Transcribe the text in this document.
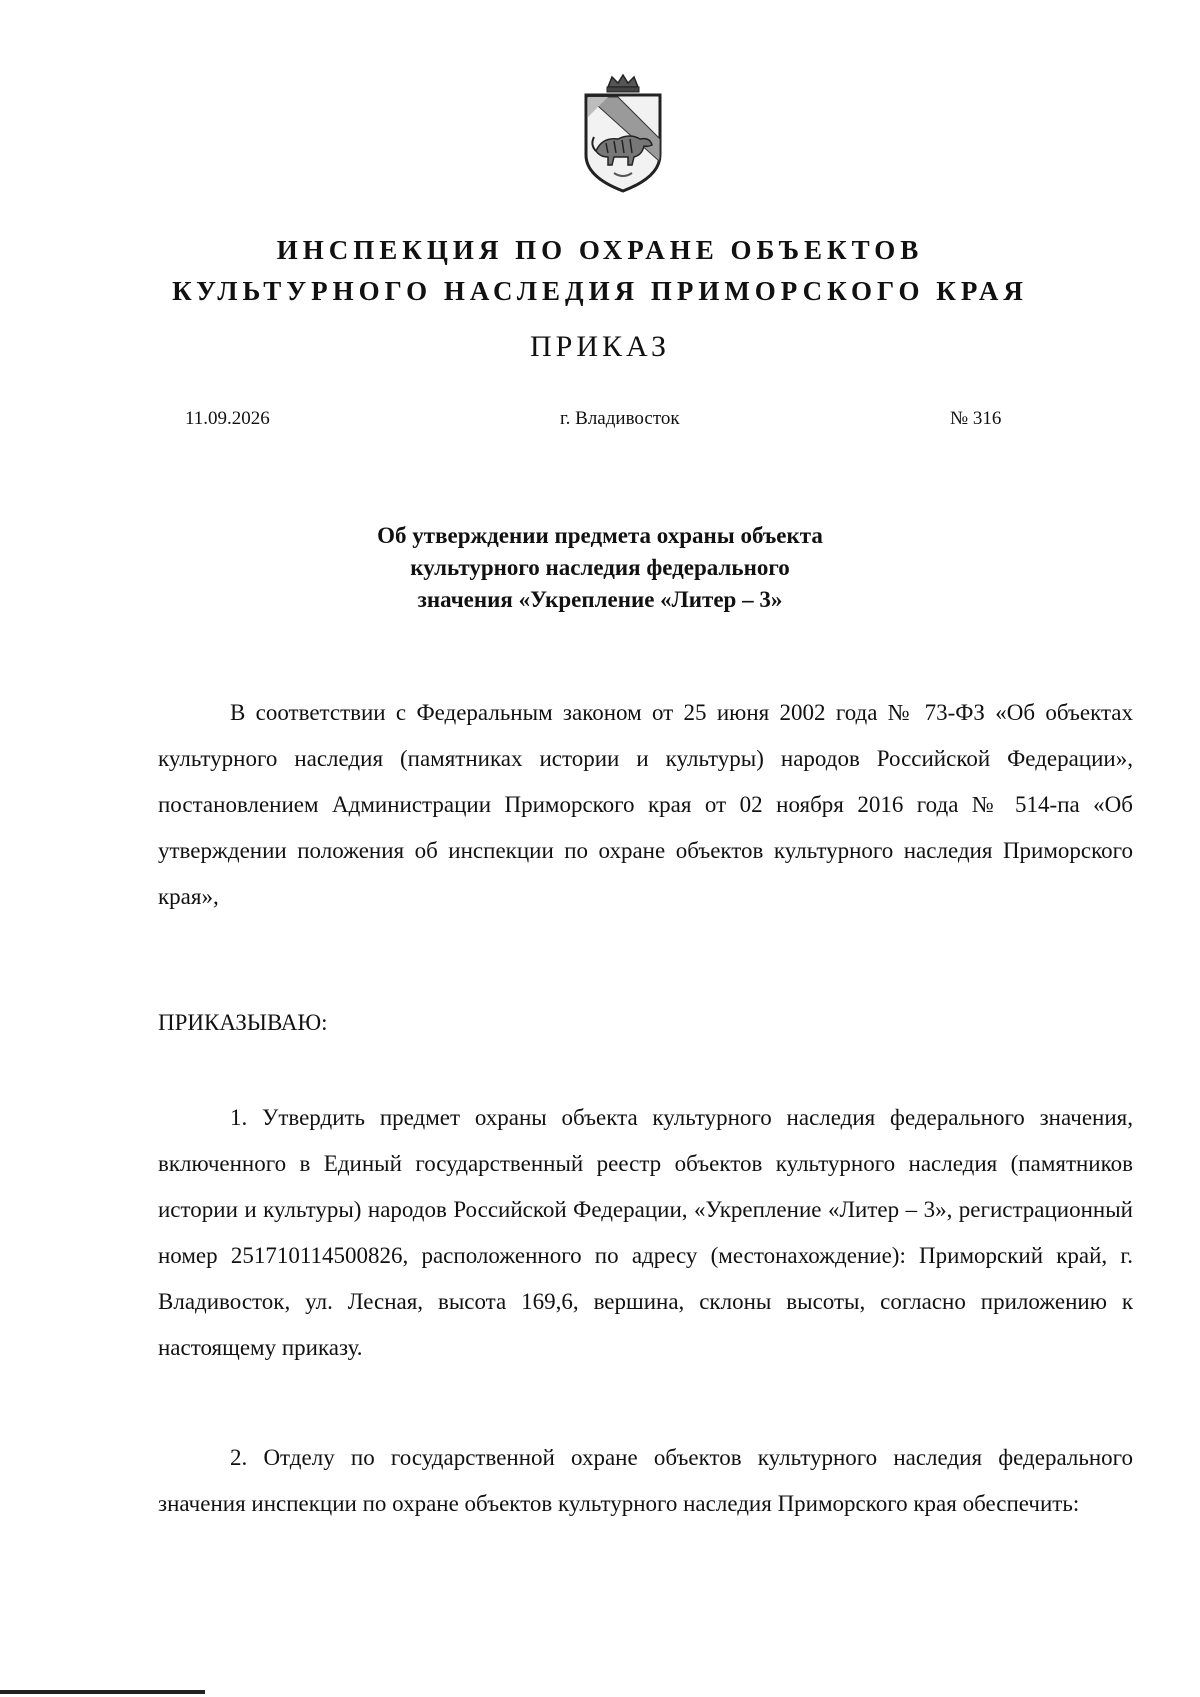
ИНСПЕКЦИЯ ПО ОХРАНЕ ОБЪЕКТОВ
КУЛЬТУРНОГО НАСЛЕДИЯ ПРИМОРСКОГО КРАЯ
ПРИКАЗ
11.09.2026	г. Владивосток	№ 316
Об утверждении предмета охраны объекта
культурного наследия федерального
значения «Укрепление «Литер – 3»
В соответствии с Федеральным законом от 25 июня 2002 года № 73-ФЗ «Об объектах культурного наследия (памятниках истории и культуры) народов Российской Федерации», постановлением Администрации Приморского края от 02 ноября 2016 года № 514-па «Об утверждении положения об инспекции по охране объектов культурного наследия Приморского края»,
ПРИКАЗЫВАЮ:
1. Утвердить предмет охраны объекта культурного наследия федерального значения, включенного в Единый государственный реестр объектов культурного наследия (памятников истории и культуры) народов Российской Федерации, «Укрепление «Литер – 3», регистрационный номер 251710114500826, расположенного по адресу (местонахождение): Приморский край, г. Владивосток, ул. Лесная, высота 169,6, вершина, склоны высоты, согласно приложению к настоящему приказу.
2. Отделу по государственной охране объектов культурного наследия федерального значения инспекции по охране объектов культурного наследия Приморского края обеспечить:
